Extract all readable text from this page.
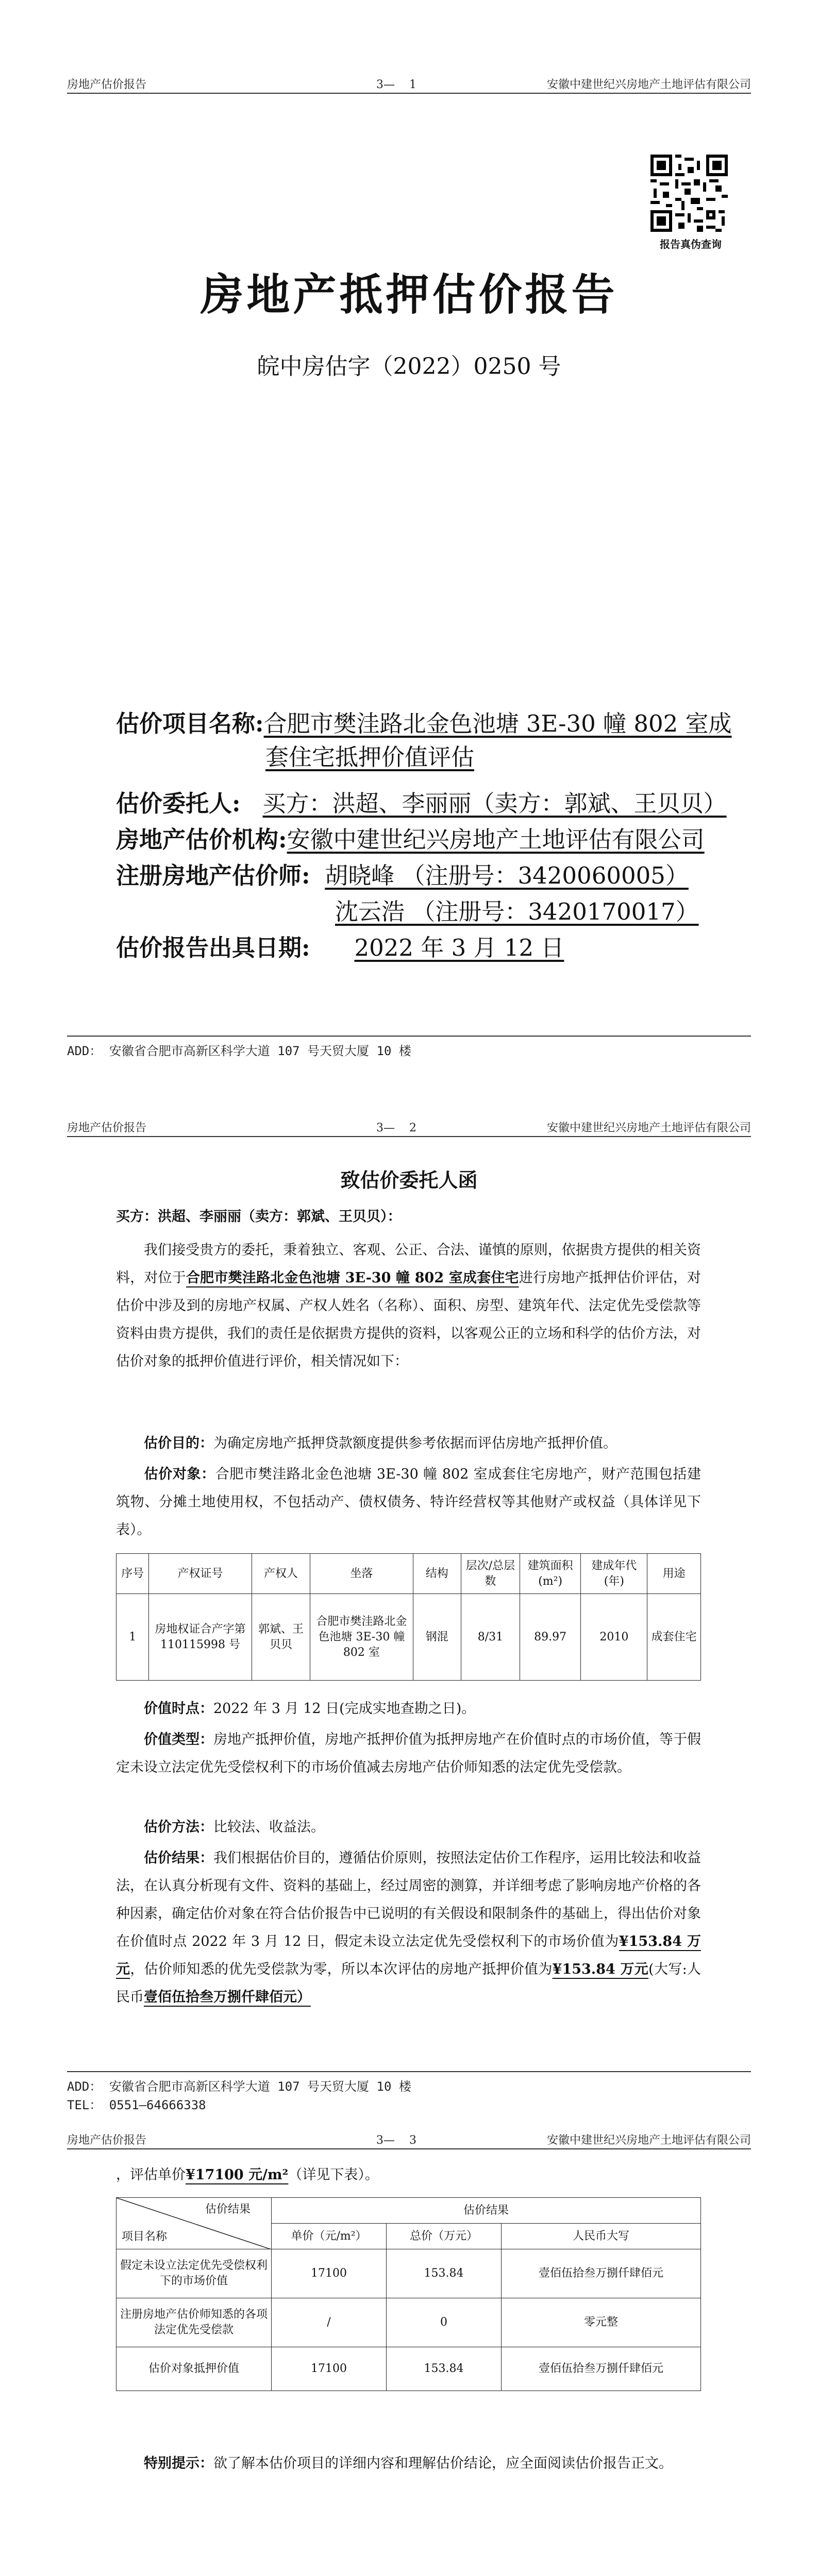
房地产估价报告	3— 1	安徽中建世纪兴房地产土地评估有限公司
报告真伪查询
房地产抵押估价报告
皖中房估字（2022）0250 号
估价项目名称:合肥市樊洼路北金色池塘 3E-30 幢 802 室成
套住宅抵押价值评估
估价委托人: 买方：洪超、李丽丽（卖方：郭斌、王贝贝）
房地产估价机构:安徽中建世纪兴房地产土地评估有限公司
注册房地产估价师: 胡晓峰 （注册号：3420060005）
沈云浩 （注册号：3420170017）
估价报告出具日期: 2022 年 3 月 12 日
ADD： 安徽省合肥市高新区科学大道 107 号天贸大厦 10 楼
房地产估价报告	3— 2	安徽中建世纪兴房地产土地评估有限公司
致估价委托人函
买方：洪超、李丽丽（卖方：郭斌、王贝贝）：
我们接受贵方的委托，秉着独立、客观、公正、合法、谨慎的原则，依据贵方提供的相关资料，对位于合肥市樊洼路北金色池塘 3E-30 幢 802 室成套住宅进行房地产抵押估价评估，对估价中涉及到的房地产权属、产权人姓名（名称）、面积、房型、建筑年代、法定优先受偿款等资料由贵方提供，我们的责任是依据贵方提供的资料，以客观公正的立场和科学的估价方法，对估价对象的抵押价值进行评价，相关情况如下：
估价目的：为确定房地产抵押贷款额度提供参考依据而评估房地产抵押价值。
估价对象：合肥市樊洼路北金色池塘 3E-30 幢 802 室成套住宅房地产，财产范围包括建筑物、分摊土地使用权，不包括动产、债权债务、特许经营权等其他财产或权益（具体详见下表）。
序号	产权证号	产权人	坐落	结构	层次/总层数	建筑面积(m²)	建成年代(年)	用途
1	房地权证合产字第 110115998 号	郭斌、王贝贝	合肥市樊洼路北金色池塘 3E-30 幢 802 室	钢混	8/31	89.97	2010	成套住宅
价值时点：2022 年 3 月 12 日(完成实地查勘之日)。
价值类型：房地产抵押价值，房地产抵押价值为抵押房地产在价值时点的市场价值，等于假定未设立法定优先受偿权利下的市场价值减去房地产估价师知悉的法定优先受偿款。
估价方法：比较法、收益法。
估价结果：我们根据估价目的，遵循估价原则，按照法定估价工作程序，运用比较法和收益法，在认真分析现有文件、资料的基础上，经过周密的测算，并详细考虑了影响房地产价格的各种因素，确定估价对象在符合估价报告中已说明的有关假设和限制条件的基础上，得出估价对象在价值时点 2022 年 3 月 12 日，假定未设立法定优先受偿权利下的市场价值为¥153.84 万元，估价师知悉的优先受偿款为零，所以本次评估的房地产抵押价值为¥153.84 万元(大写:人民币壹佰伍拾叁万捌仟肆佰元）
ADD： 安徽省合肥市高新区科学大道 107 号天贸大厦 10 楼
TEL： 0551—64666338
房地产估价报告	3— 3	安徽中建世纪兴房地产土地评估有限公司
，评估单价¥17100 元/m²（详见下表）。
估价结果
项目名称	估价结果		
	单价（元/m²）	总价（万元）	人民币大写
假定未设立法定优先受偿权利下的市场价值	17100	153.84	壹佰伍拾叁万捌仟肆佰元
注册房地产估价师知悉的各项法定优先受偿款	/	0	零元整
估价对象抵押价值	17100	153.84	壹佰伍拾叁万捌仟肆佰元
特别提示：欲了解本估价项目的详细内容和理解估价结论，应全面阅读估价报告正文。
